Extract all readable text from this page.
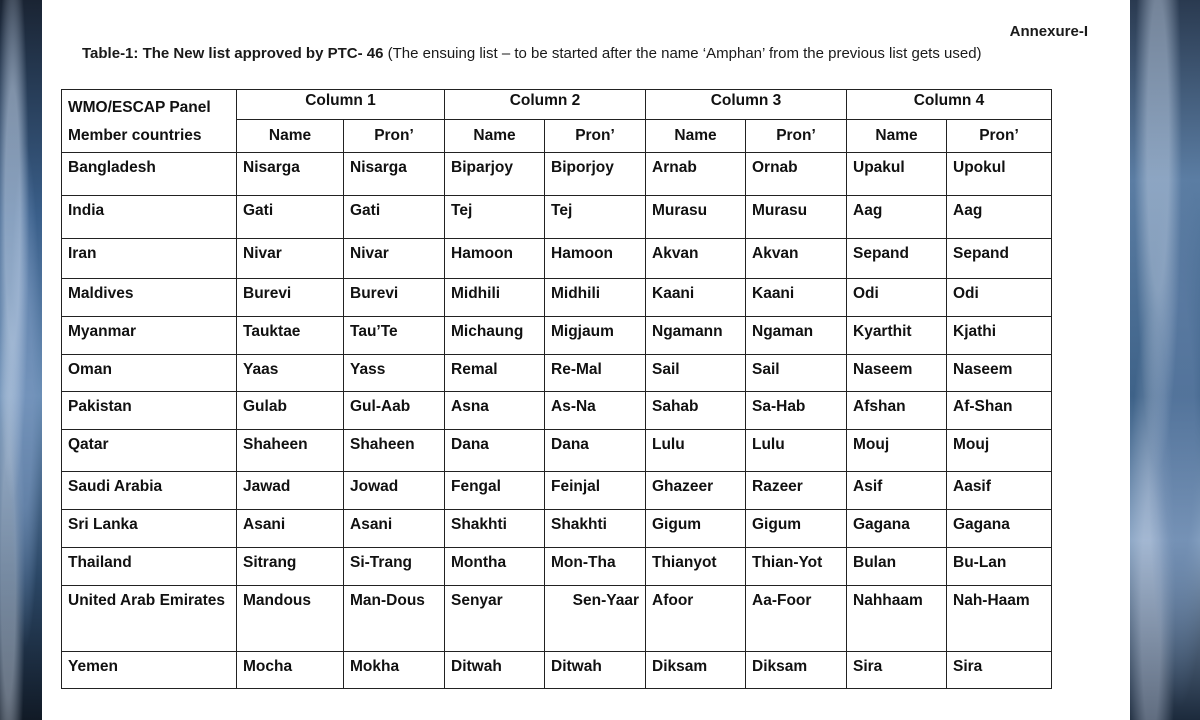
Annexure-I
Table-1: The New list approved by PTC- 46 (The ensuing list – to be started after the name ‘Amphan’ from the previous list gets used)
WMO/ESCAP Panel Member countries	Column 1		Column 2		Column 3		Column 4	
	Name	Pron’	Name	Pron’	Name	Pron’	Name	Pron’
Bangladesh	Nisarga	Nisarga	Biparjoy	Biporjoy	Arnab	Ornab	Upakul	Upokul
India	Gati	Gati	Tej	Tej	Murasu	Murasu	Aag	Aag
Iran	Nivar	Nivar	Hamoon	Hamoon	Akvan	Akvan	Sepand	Sepand
Maldives	Burevi	Burevi	Midhili	Midhili	Kaani	Kaani	Odi	Odi
Myanmar	Tauktae	Tau’Te	Michaung	Migjaum	Ngamann	Ngaman	Kyarthit	Kjathi
Oman	Yaas	Yass	Remal	Re-Mal	Sail	Sail	Naseem	Naseem
Pakistan	Gulab	Gul-Aab	Asna	As-Na	Sahab	Sa-Hab	Afshan	Af-Shan
Qatar	Shaheen	Shaheen	Dana	Dana	Lulu	Lulu	Mouj	Mouj
Saudi Arabia	Jawad	Jowad	Fengal	Feinjal	Ghazeer	Razeer	Asif	Aasif
Sri Lanka	Asani	Asani	Shakhti	Shakhti	Gigum	Gigum	Gagana	Gagana
Thailand	Sitrang	Si-Trang	Montha	Mon-Tha	Thianyot	Thian-Yot	Bulan	Bu-Lan
United Arab Emirates	Mandous	Man-Dous	Senyar	Sen-Yaar	Afoor	Aa-Foor	Nahhaam	Nah-Haam
Yemen	Mocha	Mokha	Ditwah	Ditwah	Diksam	Diksam	Sira	Sira
